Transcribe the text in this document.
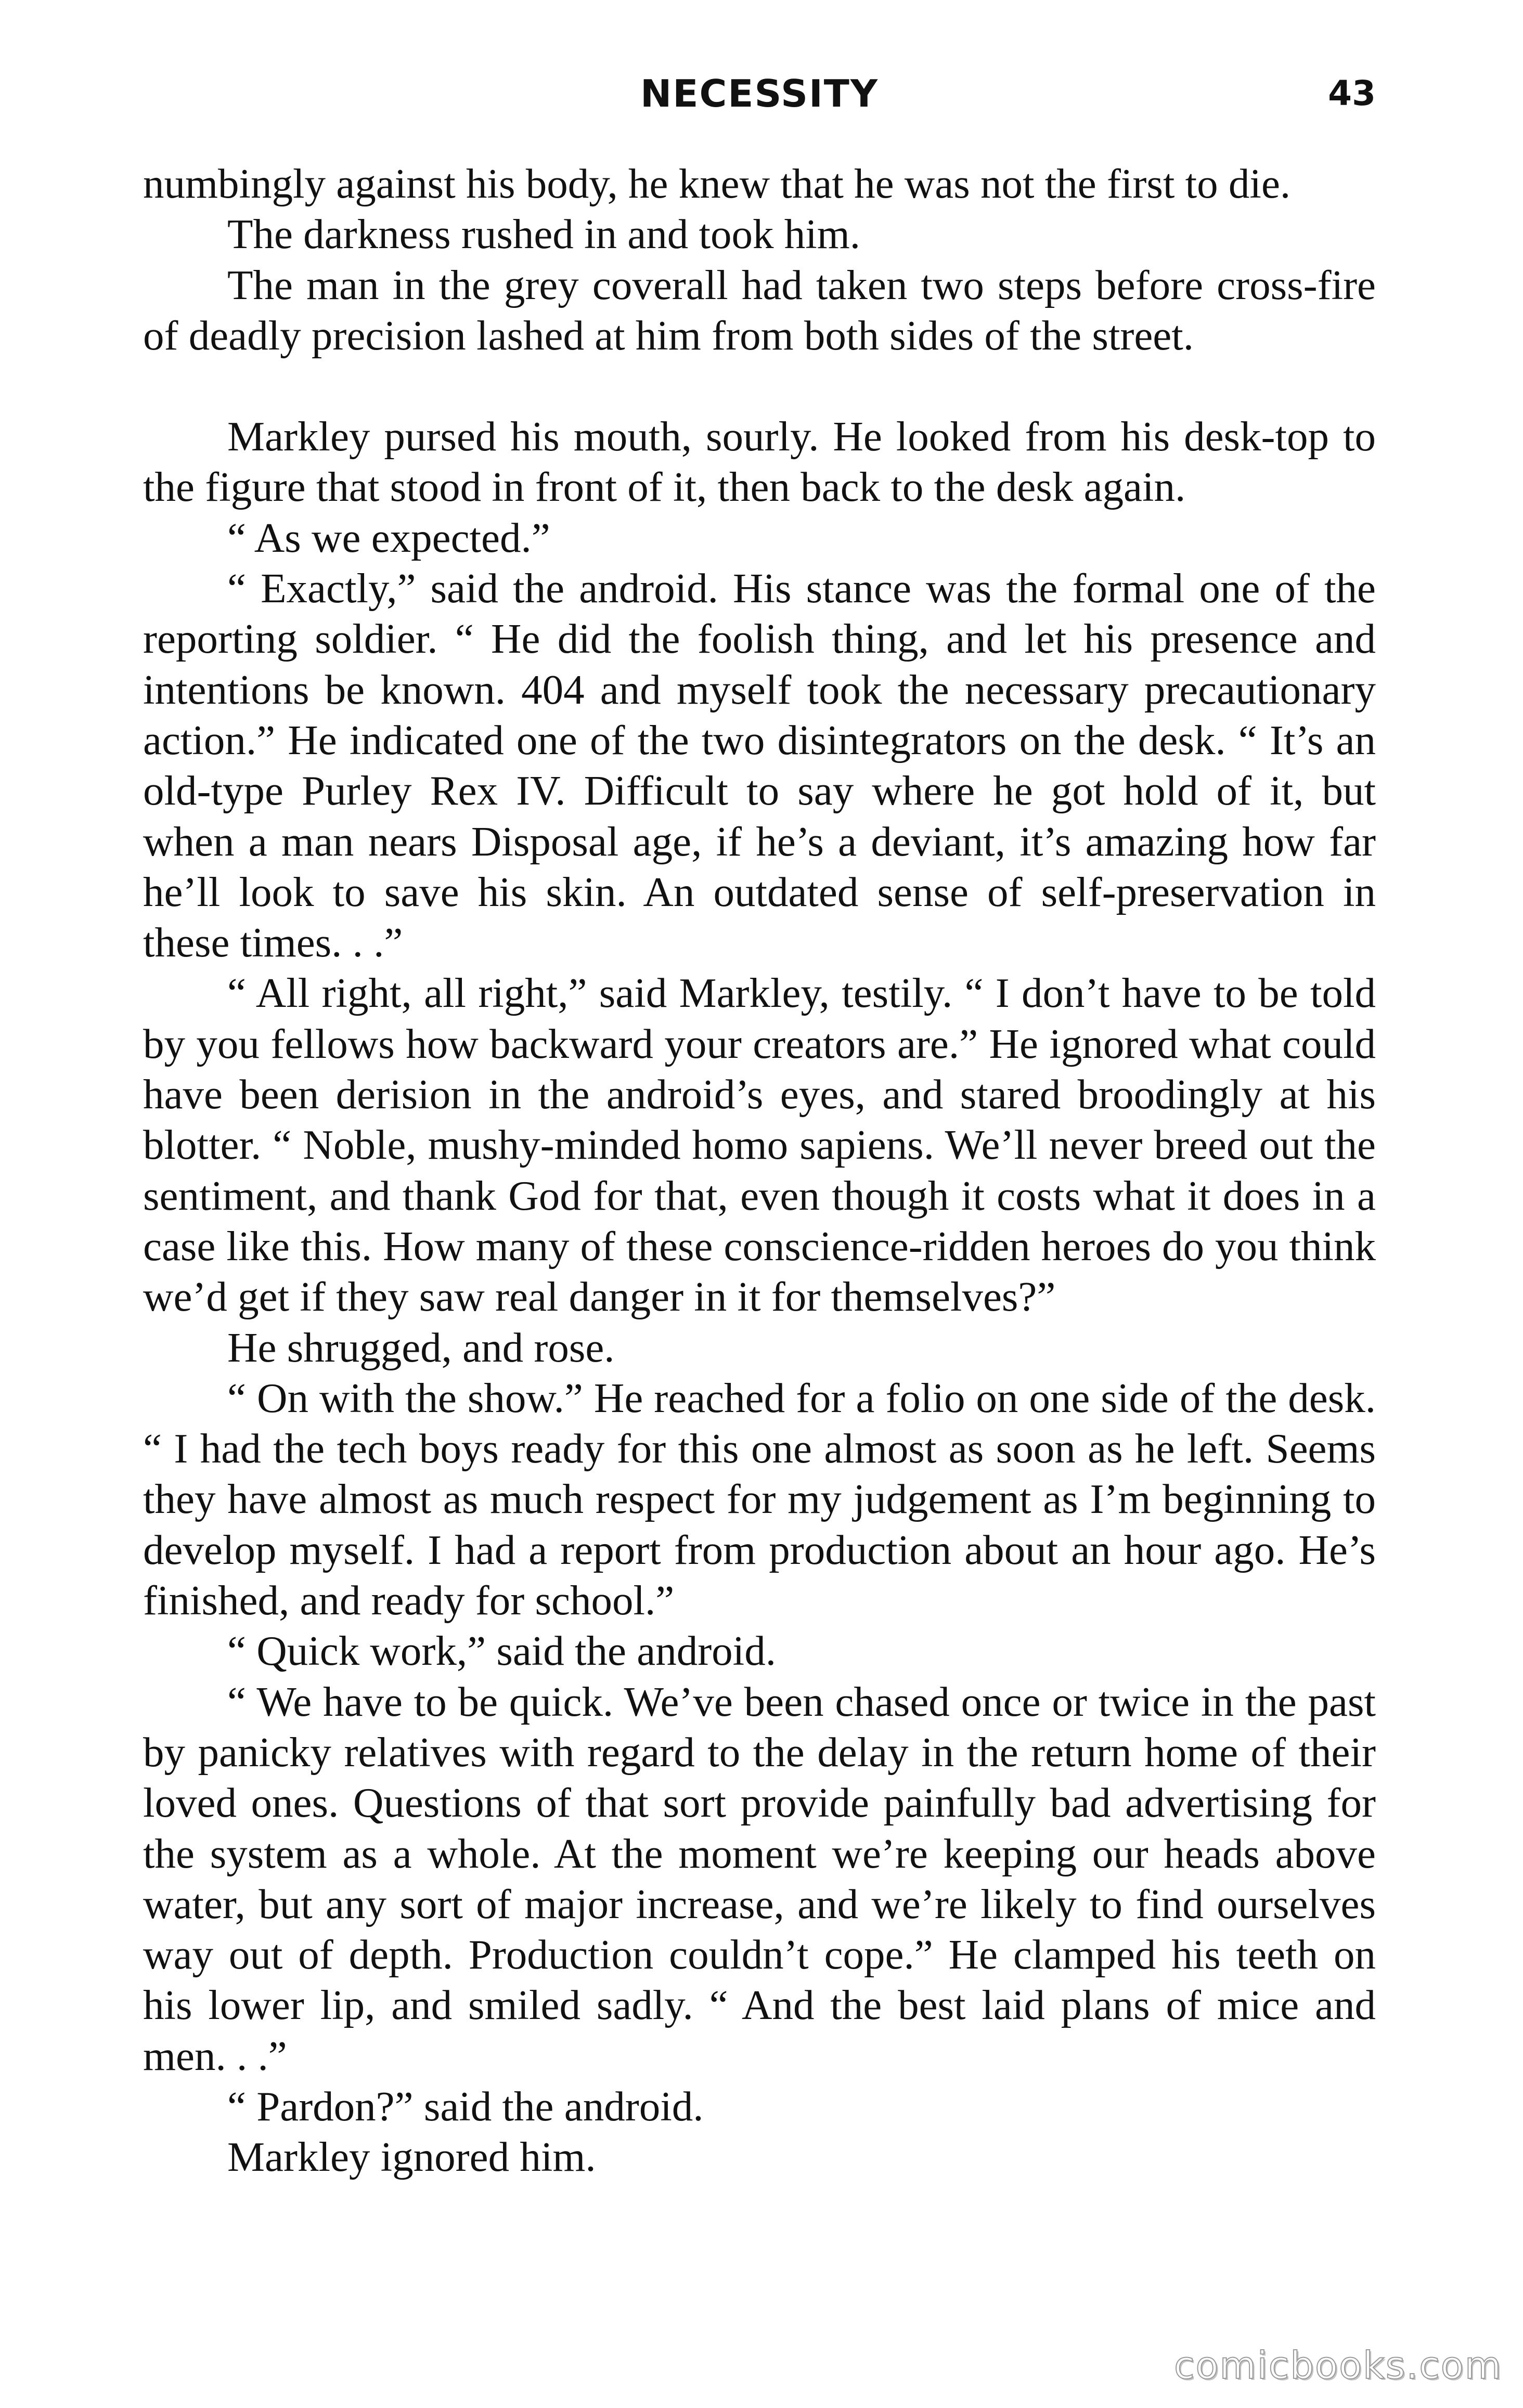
NECESSITY	43

numbingly against his body, he knew that he was not the first to die.

The darkness rushed in and took him.

The man in the grey coverall had taken two steps before cross-fire of deadly precision lashed at him from both sides of the street.

Markley pursed his mouth, sourly. He looked from his desk-top to the figure that stood in front of it, then back to the desk again.

“ As we expected.”

“ Exactly,” said the android. His stance was the formal one of the reporting soldier. “ He did the foolish thing, and let his presence and intentions be known. 404 and myself took the necessary precautionary action.” He indicated one of the two disintegrators on the desk. “ It’s an old-type Purley Rex IV. Difficult to say where he got hold of it, but when a man nears Disposal age, if he’s a deviant, it’s amazing how far he’ll look to save his skin. An outdated sense of self-preservation in these times. . .”

“ All right, all right,” said Markley, testily. “ I don’t have to be told by you fellows how backward your creators are.” He ignored what could have been derision in the android’s eyes, and stared broodingly at his blotter. “ Noble, mushy-minded homo sapiens. We’ll never breed out the sentiment, and thank God for that, even though it costs what it does in a case like this. How many of these conscience-ridden heroes do you think we’d get if they saw real danger in it for themselves?”

He shrugged, and rose.

“ On with the show.” He reached for a folio on one side of the desk. “ I had the tech boys ready for this one almost as soon as he left. Seems they have almost as much respect for my judgement as I’m beginning to develop myself. I had a report from production about an hour ago. He’s finished, and ready for school.”

“ Quick work,” said the android.

“ We have to be quick. We’ve been chased once or twice in the past by panicky relatives with regard to the delay in the return home of their loved ones. Questions of that sort provide painfully bad advertising for the system as a whole. At the moment we’re keeping our heads above water, but any sort of major increase, and we’re likely to find ourselves way out of depth. Production couldn’t cope.” He clamped his teeth on his lower lip, and smiled sadly. “ And the best laid plans of mice and men. . .”

“ Pardon?” said the android.

Markley ignored him.

comicbooks.com
